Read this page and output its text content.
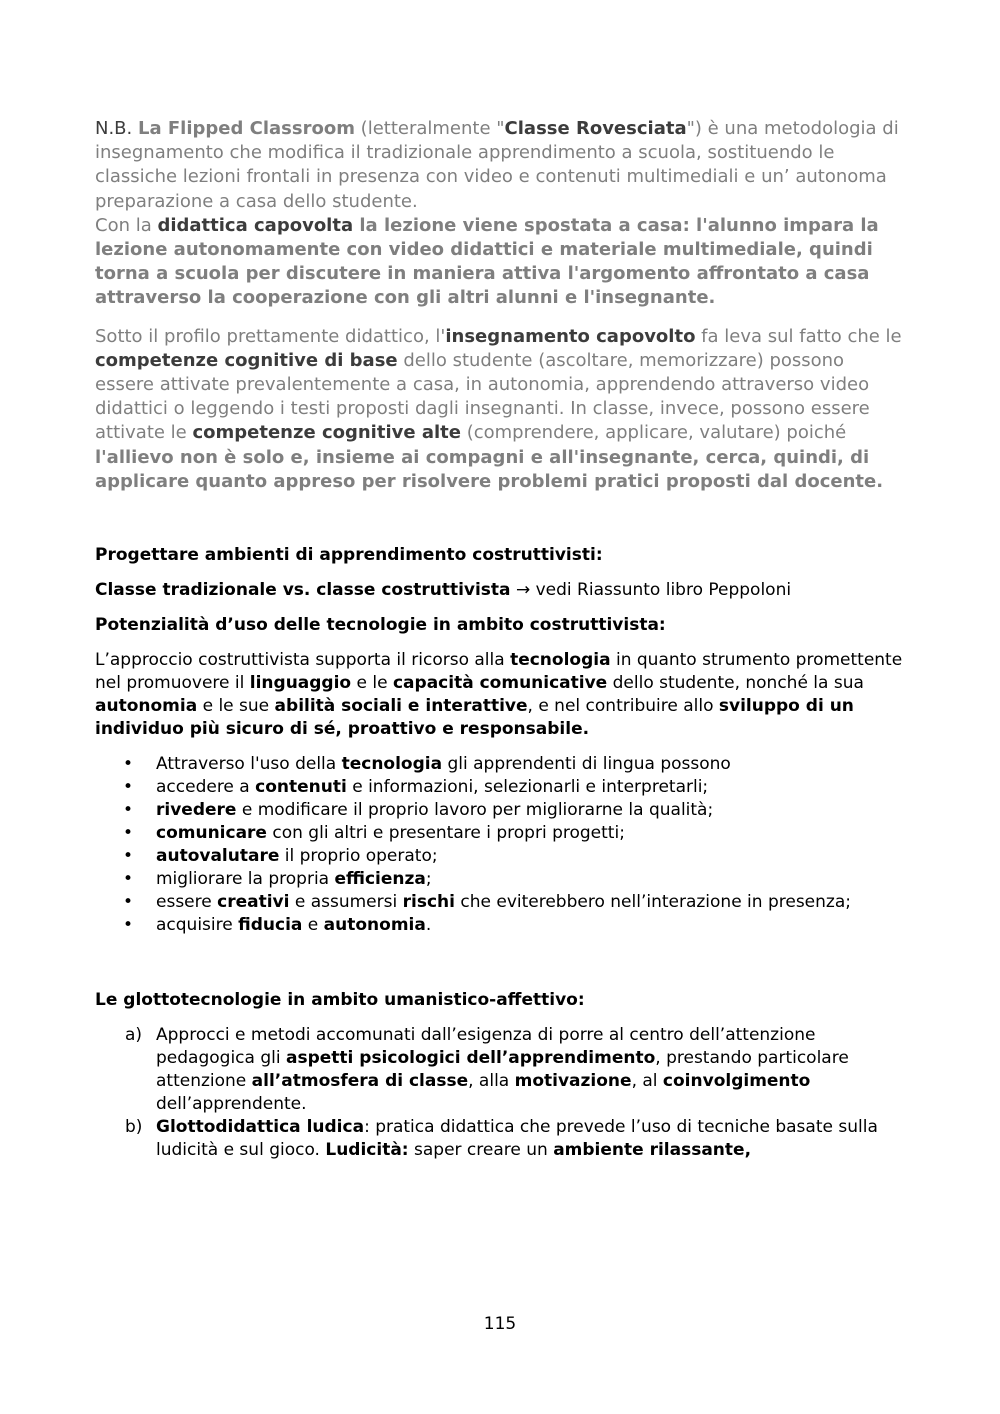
N.B. La Flipped Classroom (letteralmente "Classe Rovesciata") è una metodologia di insegnamento che modifica il tradizionale apprendimento a scuola, sostituendo le classiche lezioni frontali in presenza con video e contenuti multimediali e un’ autonoma preparazione a casa dello studente.
Con la didattica capovolta la lezione viene spostata a casa: l'alunno impara la lezione autonomamente con video didattici e materiale multimediale, quindi torna a scuola per discutere in maniera attiva l'argomento affrontato a casa attraverso la cooperazione con gli altri alunni e l'insegnante.

Sotto il profilo prettamente didattico, l'insegnamento capovolto fa leva sul fatto che le competenze cognitive di base dello studente (ascoltare, memorizzare) possono essere attivate prevalentemente a casa, in autonomia, apprendendo attraverso video didattici o leggendo i testi proposti dagli insegnanti. In classe, invece, possono essere attivate le competenze cognitive alte (comprendere, applicare, valutare) poiché l'allievo non è solo e, insieme ai compagni e all'insegnante, cerca, quindi, di applicare quanto appreso per risolvere problemi pratici proposti dal docente.

Progettare ambienti di apprendimento costruttivisti:

Classe tradizionale vs. classe costruttivista → vedi Riassunto libro Peppoloni

Potenzialità d’uso delle tecnologie in ambito costruttivista:

L’approccio costruttivista supporta il ricorso alla tecnologia in quanto strumento promettente nel promuovere il linguaggio e le capacità comunicative dello studente, nonché la sua autonomia e le sue abilità sociali e interattive, e nel contribuire allo sviluppo di un individuo più sicuro di sé, proattivo e responsabile.

• Attraverso l'uso della tecnologia gli apprendenti di lingua possono
• accedere a contenuti e informazioni, selezionarli e interpretarli;
• rivedere e modificare il proprio lavoro per migliorarne la qualità;
• comunicare con gli altri e presentare i propri progetti;
• autovalutare il proprio operato;
• migliorare la propria efficienza;
• essere creativi e assumersi rischi che eviterebbero nell’interazione in presenza;
• acquisire fiducia e autonomia.

Le glottotecnologie in ambito umanistico-affettivo:

a) Approcci e metodi accomunati dall’esigenza di porre al centro dell’attenzione pedagogica gli aspetti psicologici dell’apprendimento, prestando particolare attenzione all’atmosfera di classe, alla motivazione, al coinvolgimento dell’apprendente.
b) Glottodidattica ludica: pratica didattica che prevede l’uso di tecniche basate sulla ludicità e sul gioco. Ludicità: saper creare un ambiente rilassante,
115
